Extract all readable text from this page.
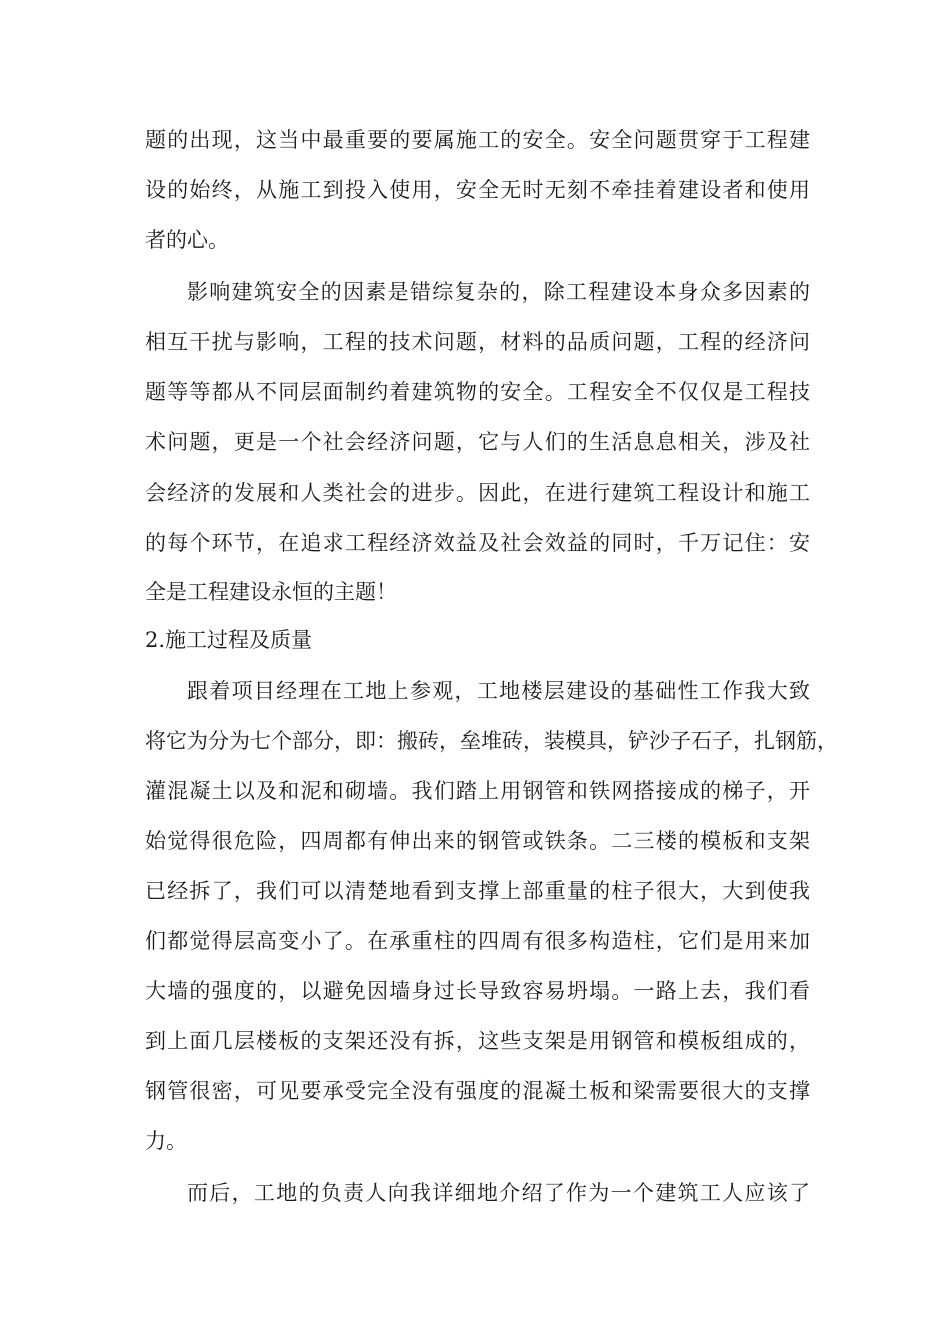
题的出现，这当中最重要的要属施工的安全。安全问题贯穿于工程建
设的始终，从施工到投入使用，安全无时无刻不牵挂着建设者和使用
者的心。
影响建筑安全的因素是错综复杂的，除工程建设本身众多因素的
相互干扰与影响，工程的技术问题，材料的品质问题，工程的经济问
题等等都从不同层面制约着建筑物的安全。工程安全不仅仅是工程技
术问题，更是一个社会经济问题，它与人们的生活息息相关，涉及社
会经济的发展和人类社会的进步。因此，在进行建筑工程设计和施工
的每个环节，在追求工程经济效益及社会效益的同时，千万记住：安
全是工程建设永恒的主题！
2.施工过程及质量
跟着项目经理在工地上参观，工地楼层建设的基础性工作我大致
将它为分为七个部分，即：搬砖，垒堆砖，装模具，铲沙子石子，扎钢筋，
灌混凝土以及和泥和砌墙。我们踏上用钢管和铁网搭接成的梯子，开
始觉得很危险，四周都有伸出来的钢管或铁条。二三楼的模板和支架
已经拆了，我们可以清楚地看到支撑上部重量的柱子很大，大到使我
们都觉得层高变小了。在承重柱的四周有很多构造柱，它们是用来加
大墙的强度的，以避免因墙身过长导致容易坍塌。一路上去，我们看
到上面几层楼板的支架还没有拆，这些支架是用钢管和模板组成的，
钢管很密，可见要承受完全没有强度的混凝土板和梁需要很大的支撑
力。
而后，工地的负责人向我详细地介绍了作为一个建筑工人应该了
